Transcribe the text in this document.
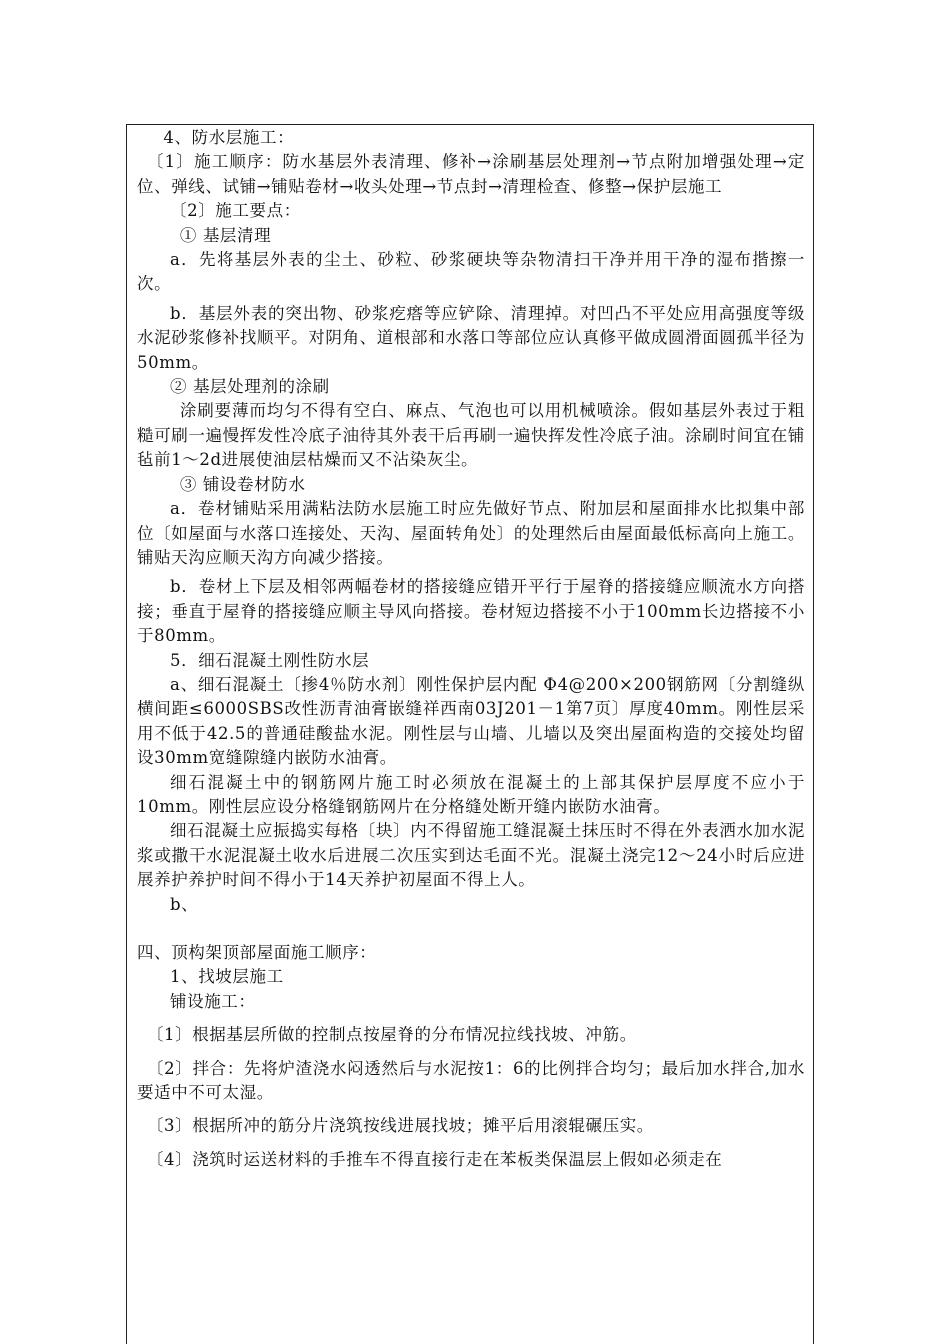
4、防水层施工：

〔1〕施工顺序：防水基层外表清理、修补→涂刷基层处理剂→节点附加增强处理→定位、弹线、试铺→铺贴卷材→收头处理→节点封→清理检查、修整→保护层施工

〔2〕施工要点：

① 基层清理

a．先将基层外表的尘土、砂粒、砂浆硬块等杂物清扫干净并用干净的湿布揩擦一次。

b．基层外表的突出物、砂浆疙瘩等应铲除、清理掉。对凹凸不平处应用高强度等级水泥砂浆修补找顺平。对阴角、道根部和水落口等部位应认真修平做成圆滑面圆孤半径为50mm。

② 基层处理剂的涂刷

涂刷要薄而均匀不得有空白、麻点、气泡也可以用机械喷涂。假如基层外表过于粗糙可刷一遍慢挥发性冷底子油待其外表干后再刷一遍快挥发性冷底子油。涂刷时间宜在铺毡前1～2d进展使油层枯燥而又不沾染灰尘。

③ 铺设卷材防水

a．卷材铺贴采用满粘法防水层施工时应先做好节点、附加层和屋面排水比拟集中部位〔如屋面与水落口连接处、天沟、屋面转角处〕的处理然后由屋面最低标高向上施工。铺贴天沟应顺天沟方向减少搭接。

b．卷材上下层及相邻两幅卷材的搭接缝应错开平行于屋脊的搭接缝应顺流水方向搭接；垂直于屋脊的搭接缝应顺主导风向搭接。卷材短边搭接不小于100mm长边搭接不小于80mm。

5．细石混凝土刚性防水层

a、细石混凝土〔掺4％防水剂〕刚性保护层内配 Φ4@200×200钢筋网〔分割缝纵横间距≤6000SBS改性沥青油膏嵌缝祥西南03J201－1第7页〕厚度40mm。刚性层采用不低于42.5的普通硅酸盐水泥。刚性层与山墙、儿墙以及突出屋面构造的交接处均留设30mm宽缝隙缝内嵌防水油膏。

细石混凝土中的钢筋网片施工时必须放在混凝土的上部其保护层厚度不应小于10mm。刚性层应设分格缝钢筋网片在分格缝处断开缝内嵌防水油膏。

细石混凝土应振捣实每格〔块〕内不得留施工缝混凝土抹压时不得在外表洒水加水泥浆或撒干水泥混凝土收水后进展二次压实到达毛面不光。混凝土浇完12～24小时后应进展养护养护时间不得小于14天养护初屋面不得上人。

b、

四、顶构架顶部屋面施工顺序：

1、找坡层施工

铺设施工：

〔1〕根据基层所做的控制点按屋脊的分布情况拉线找坡、冲筋。

〔2〕拌合：先将炉渣浇水闷透然后与水泥按1：6的比例拌合均匀；最后加水拌合,加水要适中不可太湿。

〔3〕根据所冲的筋分片浇筑按线进展找坡；摊平后用滚辊碾压实。

〔4〕浇筑时运送材料的手推车不得直接行走在苯板类保温层上假如必须走在
